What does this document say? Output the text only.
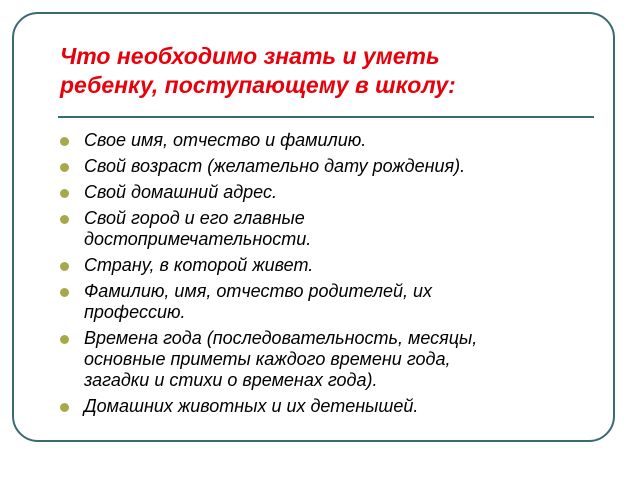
Что необходимо знать и уметь
ребенку, поступающему в школу:
Свое имя, отчество и фамилию.
Свой возраст (желательно дату рождения).
Свой домашний адрес.
Свой город и его главные
достопримечательности.
Страну, в которой живет.
Фамилию, имя, отчество родителей, их
профессию.
Времена года (последовательность, месяцы,
основные приметы каждого времени года,
загадки и стихи о временах года).
Домашних животных и их детенышей.
